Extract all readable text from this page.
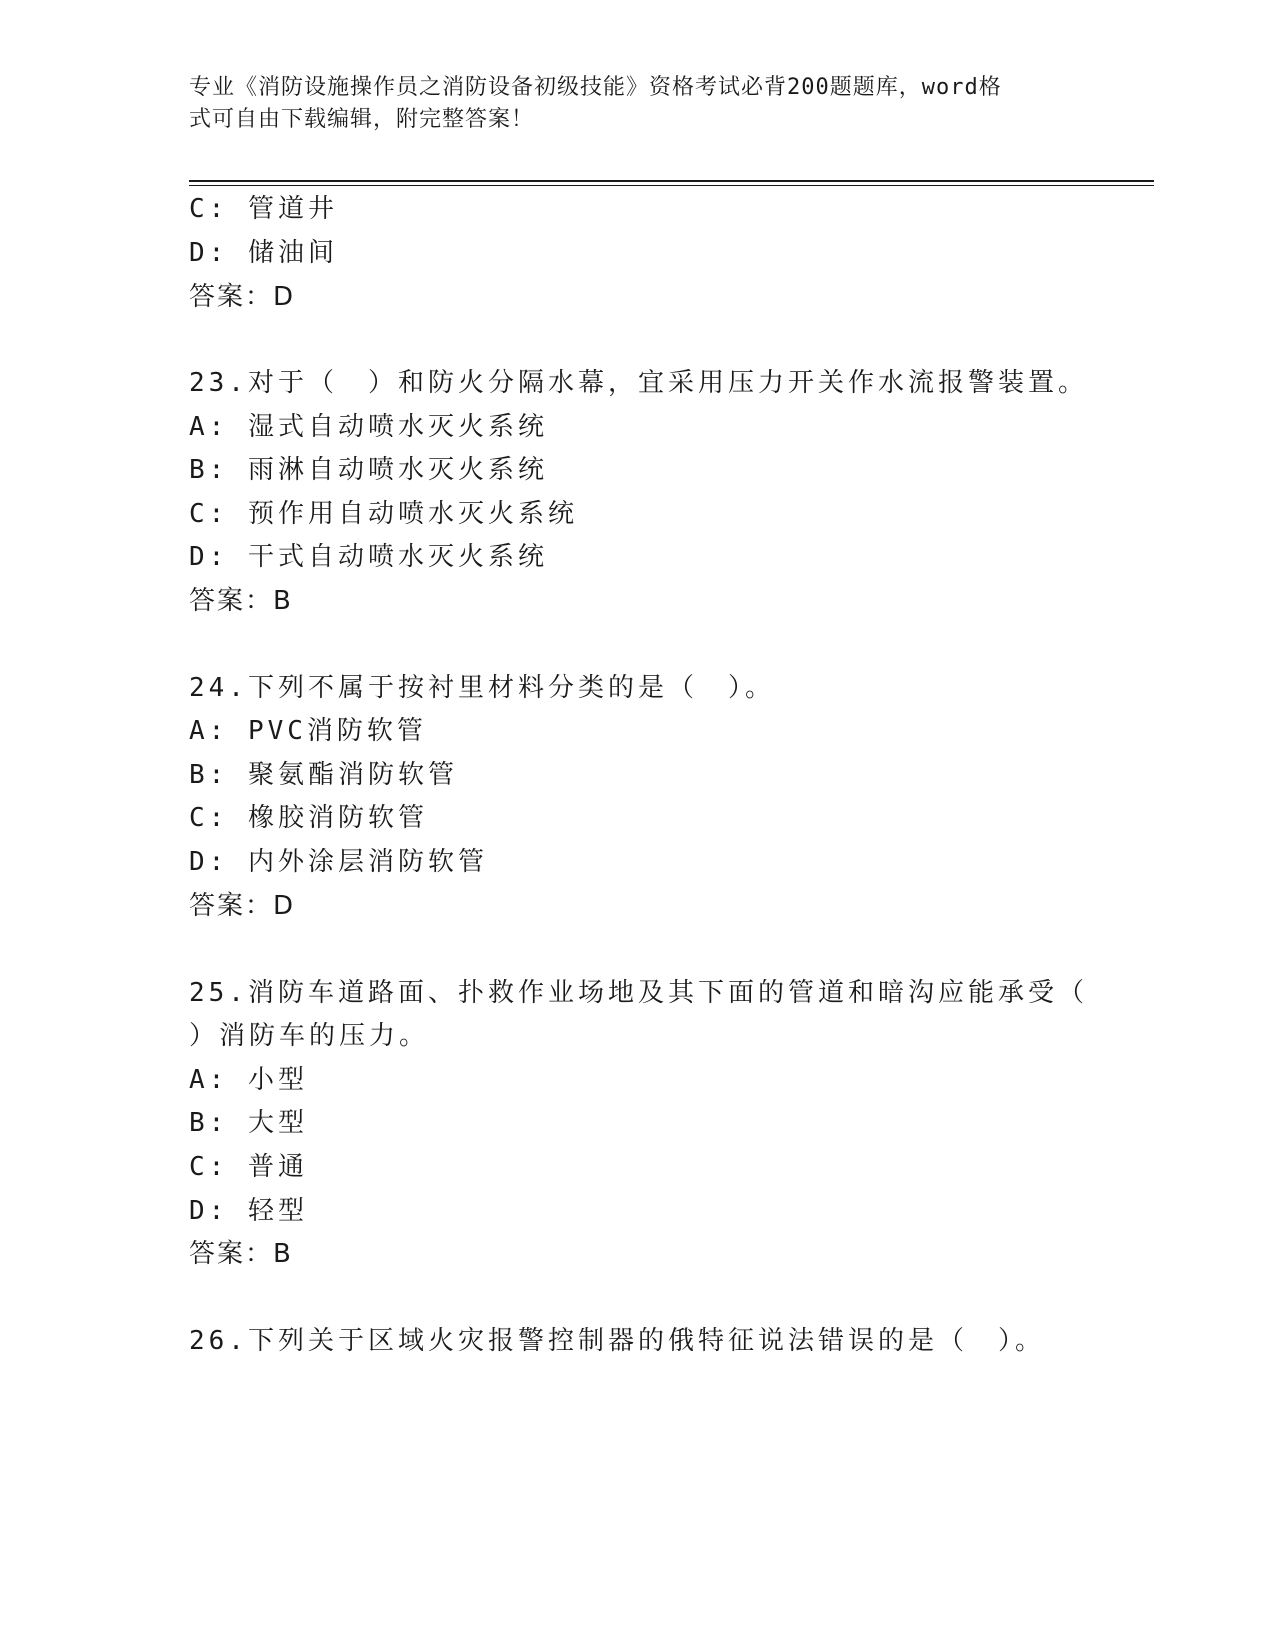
专业《消防设施操作员之消防设备初级技能》资格考试必背200题题库，word格
式可自由下载编辑，附完整答案！
C: 管道井
D: 储油间
答案：D
23.对于（　）和防火分隔水幕，宜采用压力开关作水流报警装置。
A: 湿式自动喷水灭火系统
B: 雨淋自动喷水灭火系统
C: 预作用自动喷水灭火系统
D: 干式自动喷水灭火系统
答案：B
24.下列不属于按衬里材料分类的是（　）。
A: PVC消防软管
B: 聚氨酯消防软管
C: 橡胶消防软管
D: 内外涂层消防软管
答案：D
25.消防车道路面、扑救作业场地及其下面的管道和暗沟应能承受（
）消防车的压力。
A: 小型
B: 大型
C: 普通
D: 轻型
答案：B
26.下列关于区域火灾报警控制器的俄特征说法错误的是（　）。
